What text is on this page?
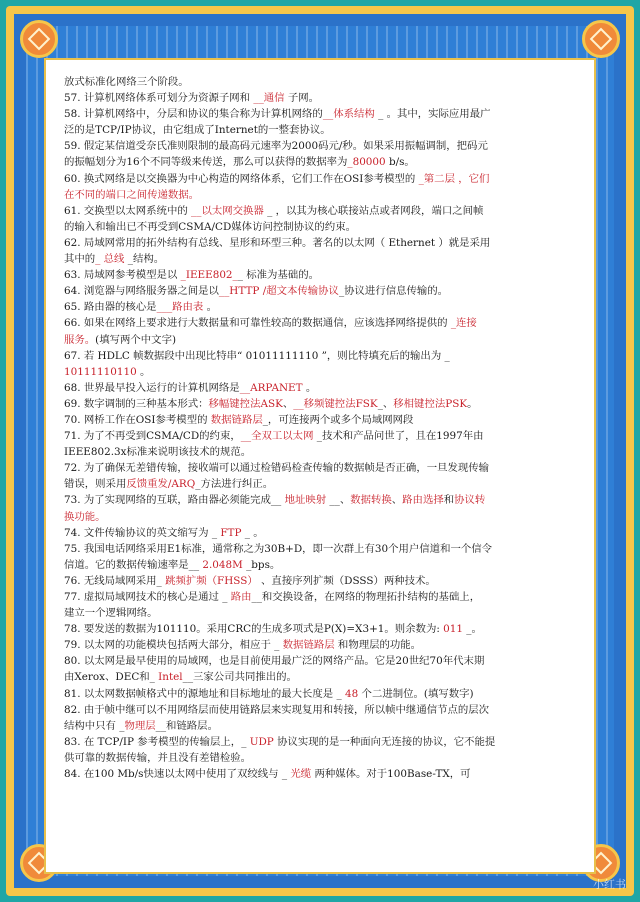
放式标准化网络三个阶段。

57. 计算机网络体系可划分为资源子网和 __通信 子网。

58. 计算机网络中，分层和协议的集合称为计算机网络的__体系结构 _ 。其中，实际应用最广

泛的是TCP/IP协议，由它组成了Internet的一整套协议。

59. 假定某信道受奈氏准则限制的最高码元速率为2000码元/秒。如果采用振幅调制，把码元

的振幅划分为16个不同等级来传送，那么可以获得的数据率为_80000 b/s。

60. 换式网络是以交换器为中心构造的网络体系，它们工作在OSI参考模型的 _第二层 ，它们

在不同的端口之间传递数据。

61. 交换型以太网系统中的 __以太网交换器 _ ，以其为核心联接站点或者网段，端口之间帧

的输入和输出已不再受到CSMA/CD媒体访问控制协议的约束。

62. 局域网常用的拓外结构有总线、星形和环型三种。著名的以太网（ Ethernet ）就是采用

其中的_ 总线 _结构。

63. 局域网参考模型是以 _IEEE802__ 标准为基础的。

64. 浏览器与网络服务器之间是以__HTTP /超文本传输协议_协议进行信息传输的。

65. 路由器的核心是___路由表 。

66. 如果在网络上要求进行大数据量和可靠性较高的数据通信，应该选择网络提供的 _连接

服务。(填写两个中文字)

67. 若 HDLC 帧数据段中出现比特串“ 01011111110 ”，则比特填充后的输出为 _

10111110110 。

68. 世界最早投入运行的计算机网络是__ARPANET 。

69. 数字调制的三种基本形式：移幅键控法ASK、__移频键控法FSK_、移相键控法PSK。

70. 网桥工作在OSI参考模型的 数据链路层_，可连接两个或多个局域网网段

71. 为了不再受到CSMA/CD的约束，__全双工以太网 _技术和产品问世了，且在1997年由

IEEE802.3x标准来说明该技术的规范。

72. 为了确保无差错传输，接收端可以通过检错码检查传输的数据帧是否正确，一旦发现传输

错误，则采用反馈重发/ARQ_方法进行纠正。

73. 为了实现网络的互联，路由器必须能完成__ 地址映射 __、数据转换、路由选择和协议转

换功能。

74. 文件传输协议的英文缩写为 _ FTP _ 。

75. 我国电话网络采用E1标准，通常称之为30B+D，即一次群上有30个用户信道和一个信令

信道。它的数据传输速率是__ 2.048M _bps。

76. 无线局域网采用_ 跳频扩频（FHSS） 、直接序列扩频（DSSS）两种技术。

77. 虚拟局域网技术的核心是通过 _ 路由__和交换设备，在网络的物理拓扑结构的基础上，

建立一个逻辑网络。

78. 要发送的数据为101110。采用CRC的生成多项式是P(X)=X3+1。则余数为: 011 _。

79. 以太网的功能模块包括两大部分，相应于 _ 数据链路层 和物理层的功能。

80. 以太网是最早使用的局域网，也是目前使用最广泛的网络产品。它是20世纪70年代末期

由Xerox、DEC和_ Intel__三家公司共同推出的。

81. 以太网数据帧格式中的源地址和目标地址的最大长度是 _ 48 个二进制位。(填写数字)

82. 由于帧中继可以不用网络层而使用链路层来实现复用和转接，所以帧中继通信节点的层次

结构中只有 _物理层__和链路层。

83. 在 TCP/IP 参考模型的传输层上，_ UDP 协议实现的是一种面向无连接的协议，它不能提

供可靠的数据传输，并且没有差错检验。

84. 在100 Mb/s快速以太网中使用了双绞线与 _ 光缆 两种媒体。对于100Base-TX，可

小红书
